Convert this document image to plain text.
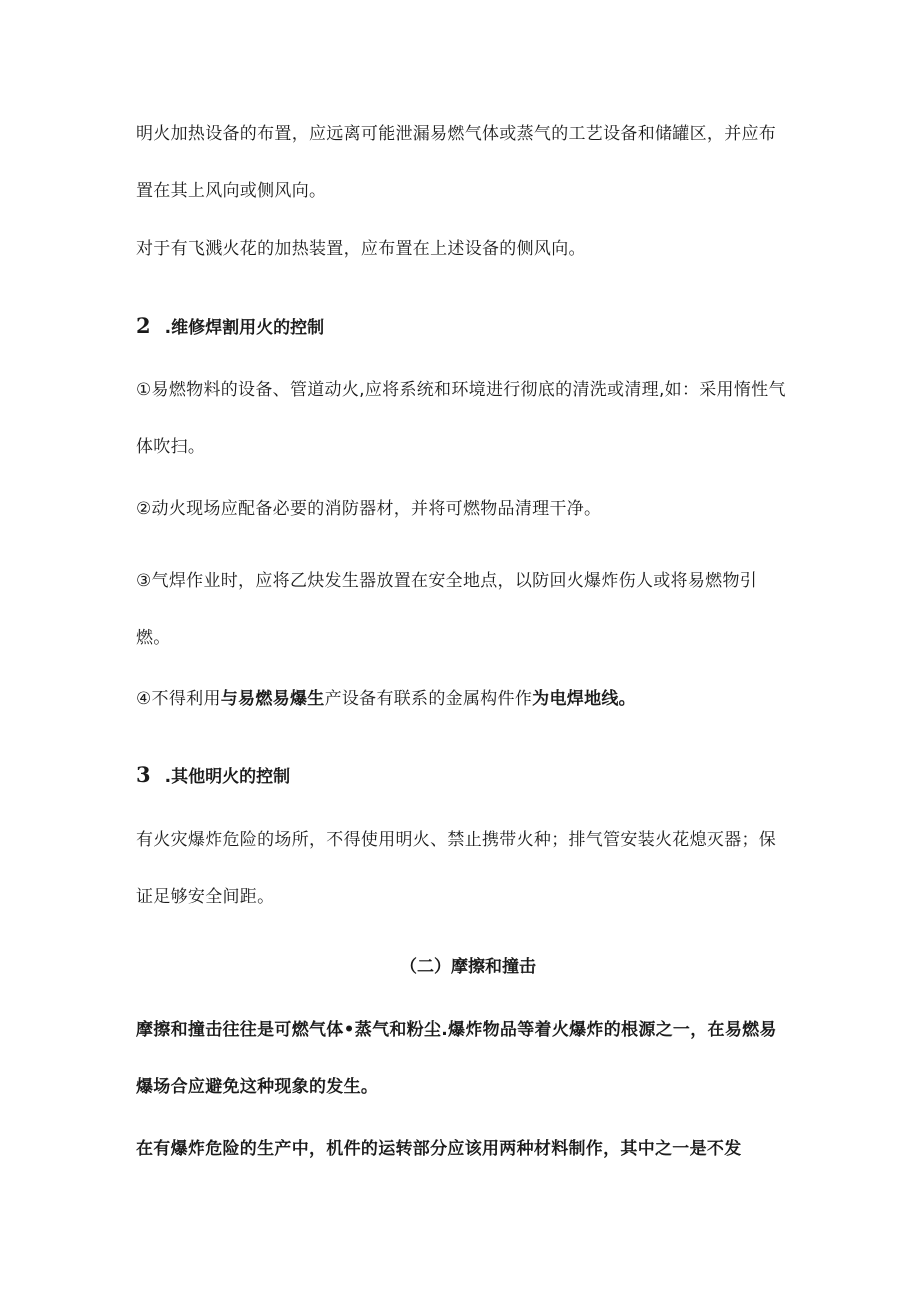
明火加热设备的布置，应远离可能泄漏易燃气体或蒸气的工艺设备和储罐区，并应布置在其上风向或侧风向。

对于有飞溅火花的加热装置，应布置在上述设备的侧风向。

2 .维修焊割用火的控制

①易燃物料的设备、管道动火,应将系统和环境进行彻底的清洗或清理,如：采用惰性气体吹扫。

②动火现场应配备必要的消防器材，并将可燃物品清理干净。

③气焊作业时，应将乙炔发生器放置在安全地点，以防回火爆炸伤人或将易燃物引燃。

④不得利用与易燃易爆生产设备有联系的金属构件作为电焊地线。

3 .其他明火的控制

有火灾爆炸危险的场所，不得使用明火、禁止携带火种；排气管安装火花熄灭器；保证足够安全间距。

（二）摩擦和撞击

摩擦和撞击往往是可燃气体•蒸气和粉尘.爆炸物品等着火爆炸的根源之一，在易燃易爆场合应避免这种现象的发生。

在有爆炸危险的生产中，机件的运转部分应该用两种材料制作，其中之一是不发
